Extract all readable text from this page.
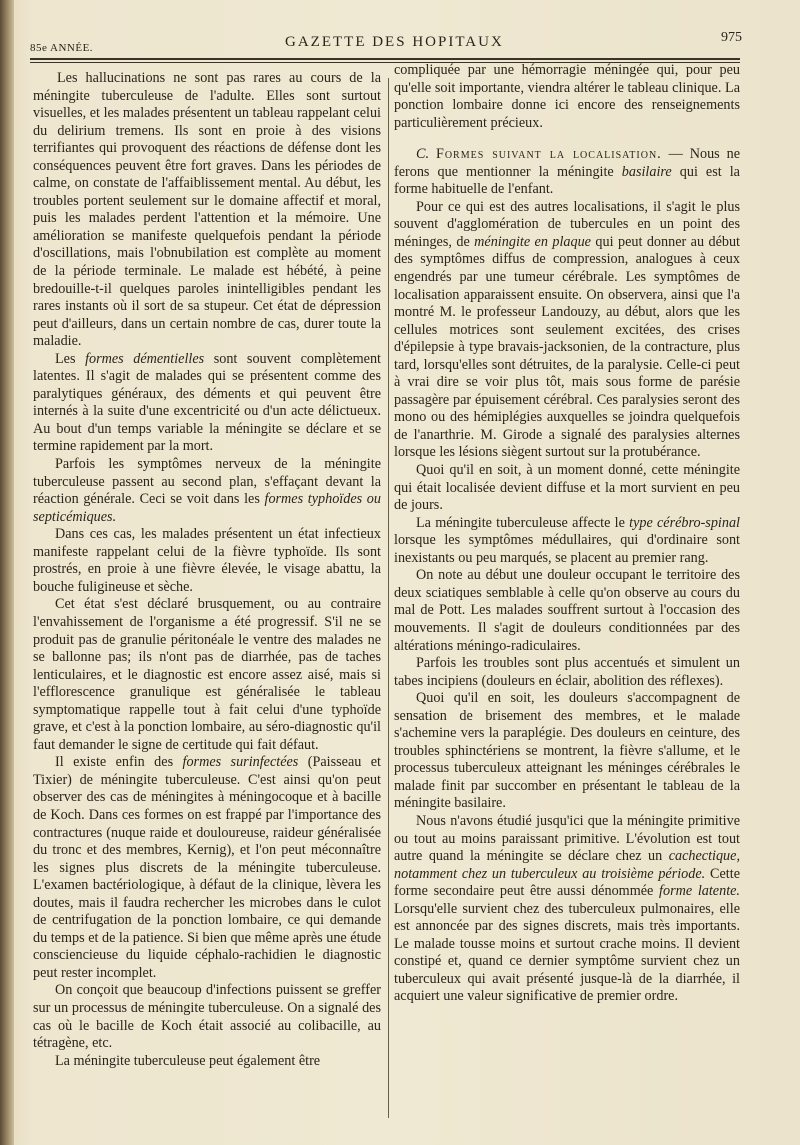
85e ANNÉE.	GAZETTE DES HOPITAUX	975

Les hallucinations ne sont pas rares au cours de la méningite tuberculeuse de l'adulte. Elles sont surtout visuelles, et les malades présentent un tableau rappelant celui du delirium tremens. Ils sont en proie à des visions terrifiantes qui provoquent des réactions de défense dont les conséquences peuvent être fort graves. Dans les périodes de calme, on constate de l'affaiblissement mental. Au début, les troubles portent seulement sur le domaine affectif et moral, puis les malades perdent l'attention et la mémoire. Une amélioration se manifeste quelquefois pendant la période d'oscillations, mais l'obnubilation est complète au moment de la période terminale. Le malade est hébété, à peine bredouille-t-il quelques paroles inintelligibles pendant les rares instants où il sort de sa stupeur. Cet état de dépression peut d'ailleurs, dans un certain nombre de cas, durer toute la maladie.

Les formes démentielles sont souvent complètement latentes. Il s'agit de malades qui se présentent comme des paralytiques généraux, des déments et qui peuvent être internés à la suite d'une excentricité ou d'un acte délictueux. Au bout d'un temps variable la méningite se déclare et se termine rapidement par la mort.

Parfois les symptômes nerveux de la méningite tuberculeuse passent au second plan, s'effaçant devant la réaction générale. Ceci se voit dans les formes typhoïdes ou septicémiques.

Dans ces cas, les malades présentent un état infectieux manifeste rappelant celui de la fièvre typhoïde. Ils sont prostrés, en proie à une fièvre élevée, le visage abattu, la bouche fuligineuse et sèche.

Cet état s'est déclaré brusquement, ou au contraire l'envahissement de l'organisme a été progressif. S'il ne se produit pas de granulie péritonéale le ventre des malades ne se ballonne pas; ils n'ont pas de diarrhée, pas de taches lenticulaires, et le diagnostic est encore assez aisé, mais si l'efflorescence granulique est généralisée le tableau symptomatique rappelle tout à fait celui d'une typhoïde grave, et c'est à la ponction lombaire, au séro-diagnostic qu'il faut demander le signe de certitude qui fait défaut.

Il existe enfin des formes surinfectées (Paisseau et Tixier) de méningite tuberculeuse. C'est ainsi qu'on peut observer des cas de méningites à méningocoque et à bacille de Koch. Dans ces formes on est frappé par l'importance des contractures (nuque raide et douloureuse, raideur généralisée du tronc et des membres, Kernig), et l'on peut méconnaître les signes plus discrets de la méningite tuberculeuse. L'examen bactériologique, à défaut de la clinique, lèvera les doutes, mais il faudra rechercher les microbes dans le culot de centrifugation de la ponction lombaire, ce qui demande du temps et de la patience. Si bien que même après une étude consciencieuse du liquide céphalo-rachidien le diagnostic peut rester incomplet.

On conçoit que beaucoup d'infections puissent se greffer sur un processus de méningite tuberculeuse. On a signalé des cas où le bacille de Koch était associé au colibacille, au tétragène, etc.

La méningite tuberculeuse peut également être

compliquée par une hémorragie méningée qui, pour peu qu'elle soit importante, viendra altérer le tableau clinique. La ponction lombaire donne ici encore des renseignements particulièrement précieux.

C. Formes suivant la localisation. — Nous ne ferons que mentionner la méningite basilaire qui est la forme habituelle de l'enfant.

Pour ce qui est des autres localisations, il s'agit le plus souvent d'agglomération de tubercules en un point des méninges, de méningite en plaque qui peut donner au début des symptômes diffus de compression, analogues à ceux engendrés par une tumeur cérébrale. Les symptômes de localisation apparaissent ensuite. On observera, ainsi que l'a montré M. le professeur Landouzy, au début, alors que les cellules motrices sont seulement excitées, des crises d'épilepsie à type bravais-jacksonien, de la contracture, plus tard, lorsqu'elles sont détruites, de la paralysie. Celle-ci peut à vrai dire se voir plus tôt, mais sous forme de parésie passagère par épuisement cérébral. Ces paralysies seront des mono ou des hémiplégies auxquelles se joindra quelquefois de l'anarthrie. M. Girode a signalé des paralysies alternes lorsque les lésions siègent surtout sur la protubérance.

Quoi qu'il en soit, à un moment donné, cette méningite qui était localisée devient diffuse et la mort survient en peu de jours.

La méningite tuberculeuse affecte le type cérébro-spinal lorsque les symptômes médullaires, qui d'ordinaire sont inexistants ou peu marqués, se placent au premier rang.

On note au début une douleur occupant le territoire des deux sciatiques semblable à celle qu'on observe au cours du mal de Pott. Les malades souffrent surtout à l'occasion des mouvements. Il s'agit de douleurs conditionnées par des altérations méningo-radiculaires.

Parfois les troubles sont plus accentués et simulent un tabes incipiens (douleurs en éclair, abolition des réflexes).

Quoi qu'il en soit, les douleurs s'accompagnent de sensation de brisement des membres, et le malade s'achemine vers la paraplégie. Des douleurs en ceinture, des troubles sphinctériens se montrent, la fièvre s'allume, et le processus tuberculeux atteignant les méninges cérébrales le malade finit par succomber en présentant le tableau de la méningite basilaire.

Nous n'avons étudié jusqu'ici que la méningite primitive ou tout au moins paraissant primitive. L'évolution est tout autre quand la méningite se déclare chez un cachectique, notamment chez un tuberculeux au troisième période. Cette forme secondaire peut être aussi dénommée forme latente. Lorsqu'elle survient chez des tuberculeux pulmonaires, elle est annoncée par des signes discrets, mais très importants. Le malade tousse moins et surtout crache moins. Il devient constipé et, quand ce dernier symptôme survient chez un tuberculeux qui avait présenté jusque-là de la diarrhée, il acquiert une valeur significative de premier ordre.
